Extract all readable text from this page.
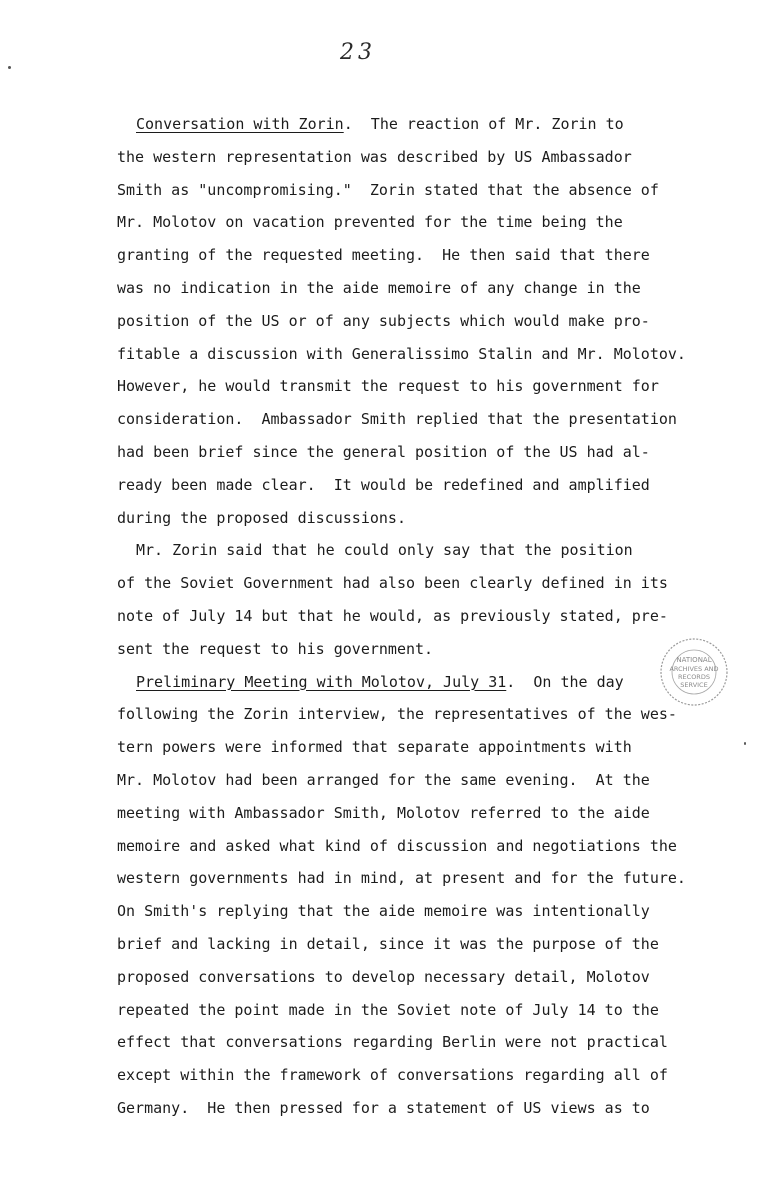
23
Conversation with Zorin.  The reaction of Mr. Zorin to
the western representation was described by US Ambassador
Smith as "uncompromising."  Zorin stated that the absence of
Mr. Molotov on vacation prevented for the time being the
granting of the requested meeting.  He then said that there
was no indication in the aide memoire of any change in the
position of the US or of any subjects which would make pro-
fitable a discussion with Generalissimo Stalin and Mr. Molotov.
However, he would transmit the request to his government for
consideration.  Ambassador Smith replied that the presentation
had been brief since the general position of the US had al-
ready been made clear.  It would be redefined and amplified
during the proposed discussions.
Mr. Zorin said that he could only say that the position
of the Soviet Government had also been clearly defined in its
note of July 14 but that he would, as previously stated, pre-
sent the request to his government.
Preliminary Meeting with Molotov, July 31.  On the day
following the Zorin interview, the representatives of the wes-
tern powers were informed that separate appointments with
Mr. Molotov had been arranged for the same evening.  At the
meeting with Ambassador Smith, Molotov referred to the aide
memoire and asked what kind of discussion and negotiations the
western governments had in mind, at present and for the future.
On Smith's replying that the aide memoire was intentionally
brief and lacking in detail, since it was the purpose of the
proposed conversations to develop necessary detail, Molotov
repeated the point made in the Soviet note of July 14 to the
effect that conversations regarding Berlin were not practical
except within the framework of conversations regarding all of
Germany.  He then pressed for a statement of US views as to
NATIONAL
ARCHIVES AND
RECORDS
SERVICE
